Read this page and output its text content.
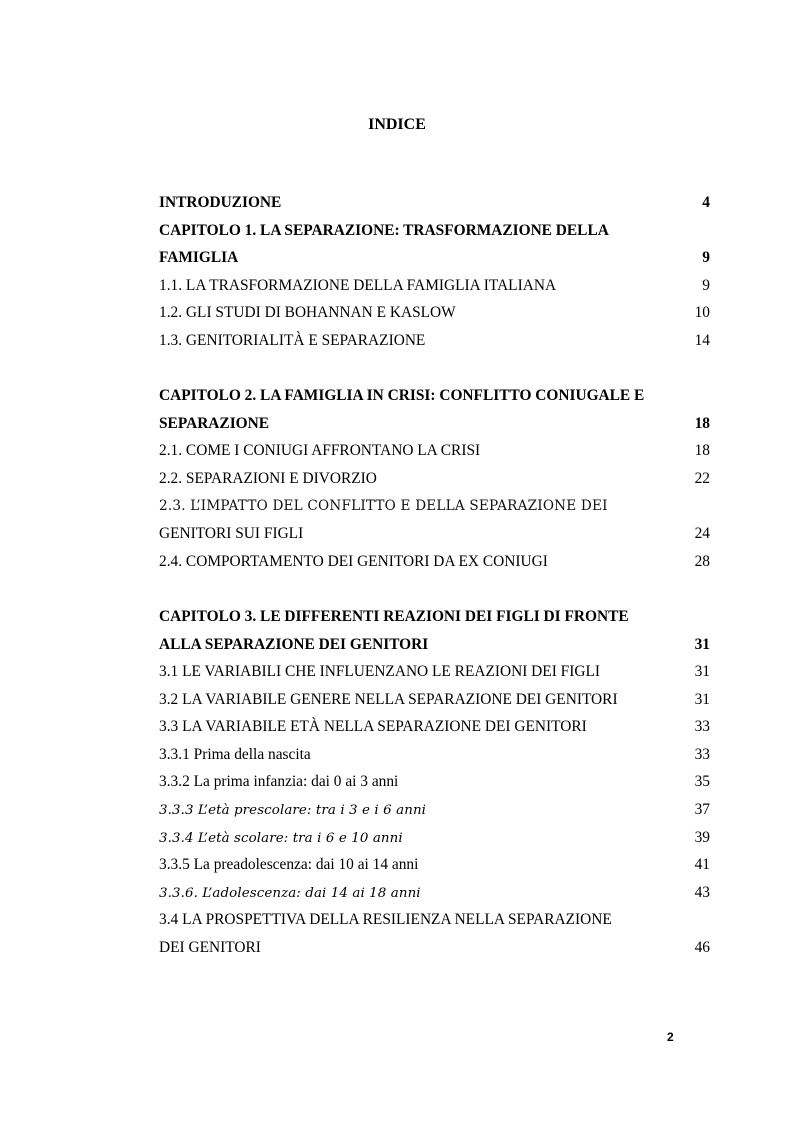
INDICE
INTRODUZIONE	4
CAPITOLO 1. LA SEPARAZIONE: TRASFORMAZIONE DELLA
FAMIGLIA	9
1.1. LA TRASFORMAZIONE DELLA FAMIGLIA ITALIANA	9
1.2. GLI STUDI DI BOHANNAN E KASLOW	10
1.3. GENITORIALITÀ E SEPARAZIONE	14
CAPITOLO 2. LA FAMIGLIA IN CRISI: CONFLITTO CONIUGALE E
SEPARAZIONE	18
2.1. COME I CONIUGI AFFRONTANO LA CRISI	18
2.2. SEPARAZIONI E DIVORZIO	22
2.3. L’IMPATTO DEL CONFLITTO E DELLA SEPARAZIONE DEI
GENITORI SUI FIGLI	24
2.4. COMPORTAMENTO DEI GENITORI DA EX CONIUGI	28
CAPITOLO 3. LE DIFFERENTI REAZIONI DEI FIGLI DI FRONTE
ALLA SEPARAZIONE DEI GENITORI	31
3.1 LE VARIABILI CHE INFLUENZANO LE REAZIONI DEI FIGLI	31
3.2 LA VARIABILE GENERE NELLA SEPARAZIONE DEI GENITORI	31
3.3 LA VARIABILE ETÀ NELLA SEPARAZIONE DEI GENITORI	33
3.3.1 Prima della nascita	33
3.3.2 La prima infanzia: dai 0 ai 3 anni	35
3.3.3 L’età prescolare: tra i 3 e i 6 anni	37
3.3.4 L’età scolare: tra i 6 e 10 anni	39
3.3.5 La preadolescenza: dai 10 ai 14 anni	41
3.3.6. L’adolescenza: dai 14 ai 18 anni	43
3.4 LA PROSPETTIVA DELLA RESILIENZA NELLA SEPARAZIONE
DEI GENITORI	46
2
